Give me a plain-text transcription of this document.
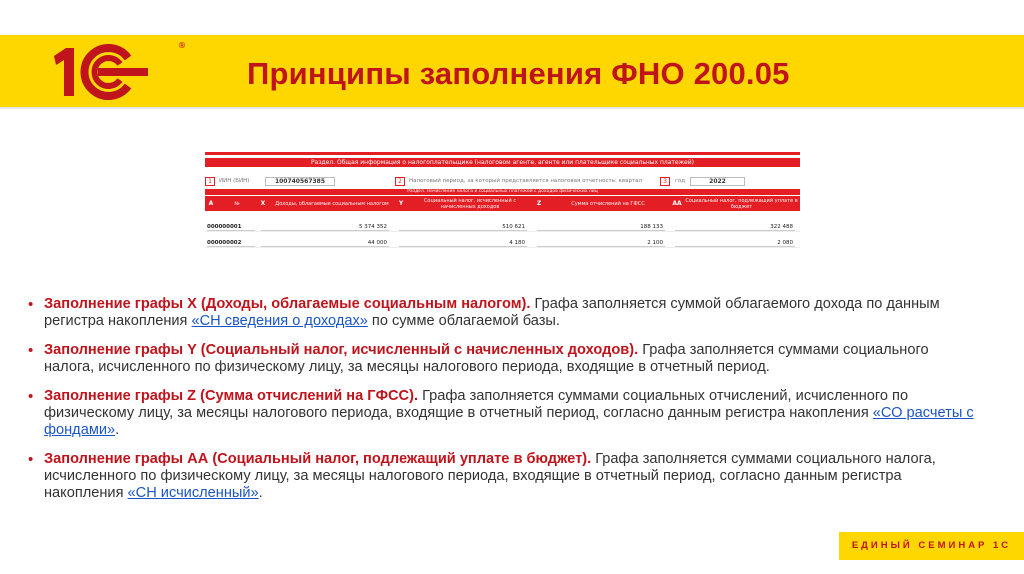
®
Принципы заполнения ФНО 200.05
Раздел. Общая информация о налогоплательщике (налоговом агенте, агенте или плательщике социальных платежей)
1	ИИН (БИН)	100740567385	2	Налоговый период, за который представляется налоговая отчетность: квартал	3	год	2022
Раздел. Начисление налога и социальных платежей с доходов физических лиц
A	№	X	Доходы, облагаемые социальным налогом	Y	Социальный налог, исчисленный с начисленных доходов	Z	Сумма отчислений на ГФСС	AA Социальный налог, подлежащий уплате в бюджет
000000001	5 374 352	510 621	188 133	322 488
000000002	44 000	4 180	2 100	2 080
• Заполнение графы X (Доходы, облагаемые социальным налогом). Графа заполняется суммой облагаемого дохода по данным регистра накопления «СН сведения о доходах» по сумме облагаемой базы.
• Заполнение графы Y (Социальный налог, исчисленный с начисленных доходов). Графа заполняется суммами социального налога, исчисленного по физическому лицу, за месяцы налогового периода, входящие в отчетный период.
• Заполнение графы Z (Сумма отчислений на ГФСС). Графа заполняется суммами социальных отчислений, исчисленного по физическому лицу, за месяцы налогового периода, входящие в отчетный период, согласно данным регистра накопления «СО расчеты с фондами».
• Заполнение графы АА (Социальный налог, подлежащий уплате в бюджет). Графа заполняется суммами социального налога, исчисленного по физическому лицу, за месяцы налогового периода, входящие в отчетный период, согласно данным регистра накопления «СН исчисленный».
ЕДИНЫЙ СЕМИНАР 1С
